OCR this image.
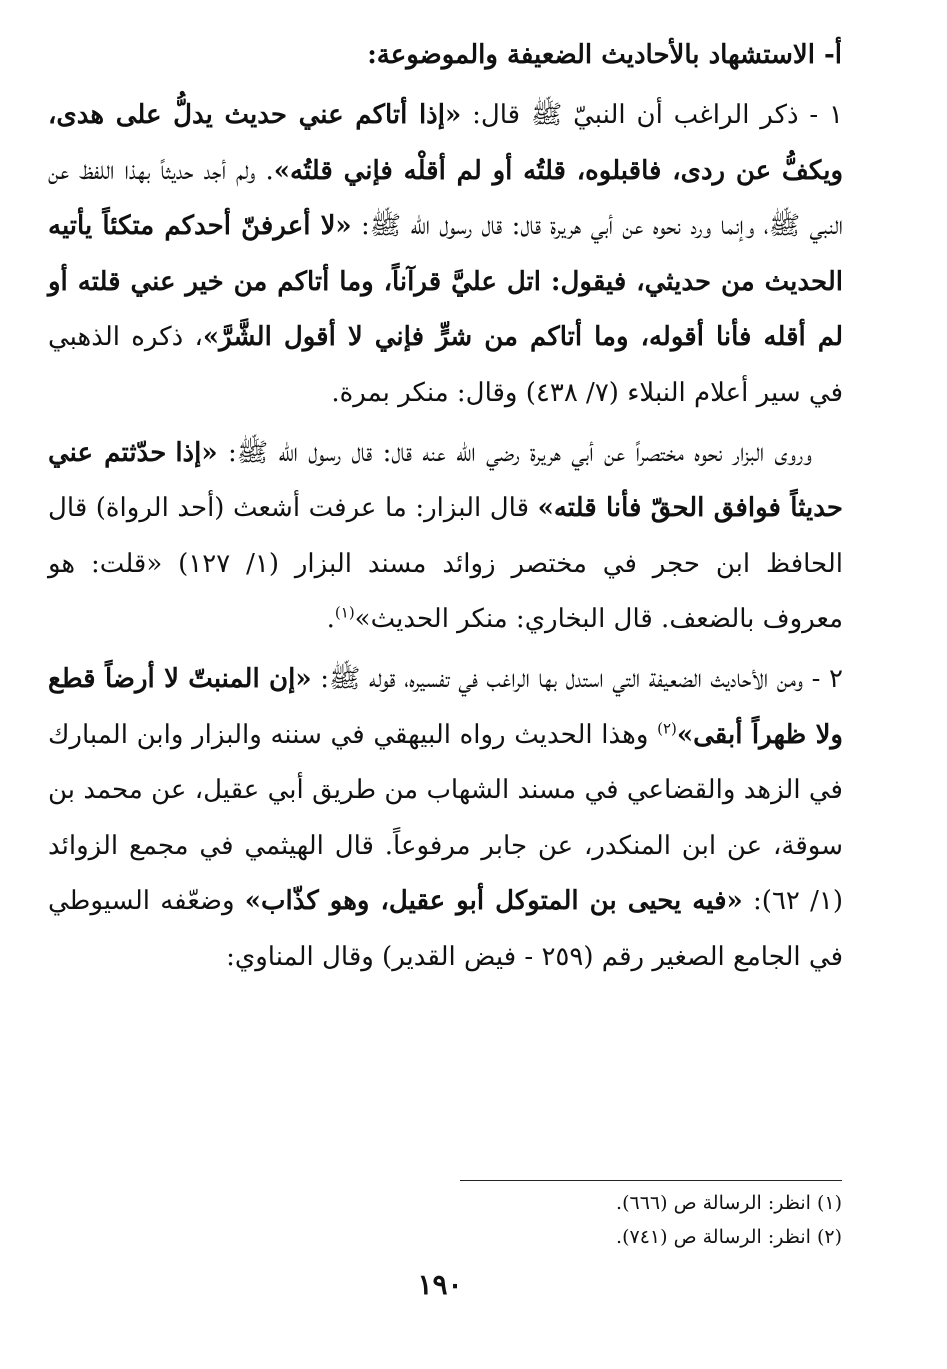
أ- الاستشهاد بالأحاديث الضعيفة والموضوعة:

١ - ذكر الراغب أن النبيّ ﷺ قال: «إذا أتاكم عني حديث يدلُّ على هدى، ويكفُّ عن ردى، فاقبلوه، قلتُه أو لم أقلْه فإني قلتُه». ولم أجد حديثاً بهذا اللفظ عن النبي ﷺ، وإنما ورد نحوه عن أبي هريرة قال: قال رسول الله ﷺ: «لا أعرفنّ أحدكم متكئاً يأتيه الحديث من حديثي، فيقول: اتل عليَّ قرآناً، وما أتاكم من خير عني قلته أو لم أقله فأنا أقوله، وما أتاكم من شرٍّ فإني لا أقول الشَّرَّ»، ذكره الذهبي في سير أعلام النبلاء (٧/ ٤٣٨) وقال: منكر بمرة.

وروى البزار نحوه مختصراً عن أبي هريرة رضي الله عنه قال: قال رسول الله ﷺ: «إذا حدّثتم عني حديثاً فوافق الحقّ فأنا قلته» قال البزار: ما عرفت أشعث (أحد الرواة) قال الحافظ ابن حجر في مختصر زوائد مسند البزار (١/ ١٢٧) «قلت: هو معروف بالضعف. قال البخاري: منكر الحديث»$^{(١)}$.

٢ - ومن الأحاديث الضعيفة التي استدل بها الراغب في تفسيره، قوله ﷺ: «إن المنبتّ لا أرضاً قطع ولا ظهراً أبقى»$^{(٢)}$ وهذا الحديث رواه البيهقي في سننه والبزار وابن المبارك في الزهد والقضاعي في مسند الشهاب من طريق أبي عقيل، عن محمد بن سوقة، عن ابن المنكدر، عن جابر مرفوعاً. قال الهيثمي في مجمع الزوائد (١/ ٦٢): «فيه يحيى بن المتوكل أبو عقيل، وهو كذّاب» وضعّفه السيوطي في الجامع الصغير رقم (٢٥٩ - فيض القدير) وقال المناوي:

(١) انظر: الرسالة ص (٦٦٦).

(٢) انظر: الرسالة ص (٧٤١).

١٩٠
